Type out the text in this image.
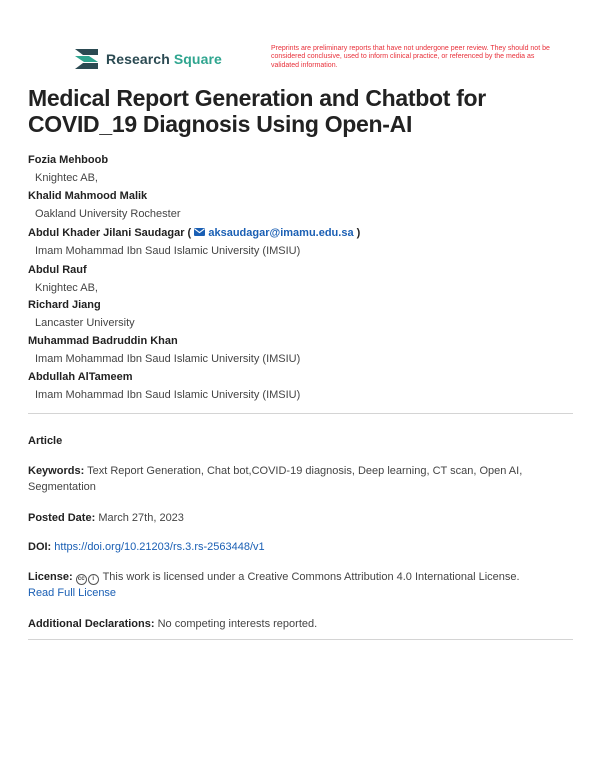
Research Square
Preprints are preliminary reports that have not undergone peer review. They should not be considered conclusive, used to inform clinical practice, or referenced by the media as validated information.
Medical Report Generation and Chatbot for COVID_19 Diagnosis Using Open-AI
Fozia Mehboob
Knightec AB,
Khalid Mahmood Malik
Oakland University Rochester
Abdul Khader Jilani Saudagar (  aksaudagar@imamu.edu.sa )
Imam Mohammad Ibn Saud Islamic University (IMSIU)
Abdul Rauf
Knightec AB,
Richard Jiang
Lancaster University
Muhammad Badruddin Khan
Imam Mohammad Ibn Saud Islamic University (IMSIU)
Abdullah AlTameem
Imam Mohammad Ibn Saud Islamic University (IMSIU)
Article
Keywords: Text Report Generation, Chat bot,COVID-19 diagnosis, Deep learning, CT scan, Open AI, Segmentation
Posted Date: March 27th, 2023
DOI: https://doi.org/10.21203/rs.3.rs-2563448/v1
License: cc i This work is licensed under a Creative Commons Attribution 4.0 International License.
Read Full License
Additional Declarations: No competing interests reported.
